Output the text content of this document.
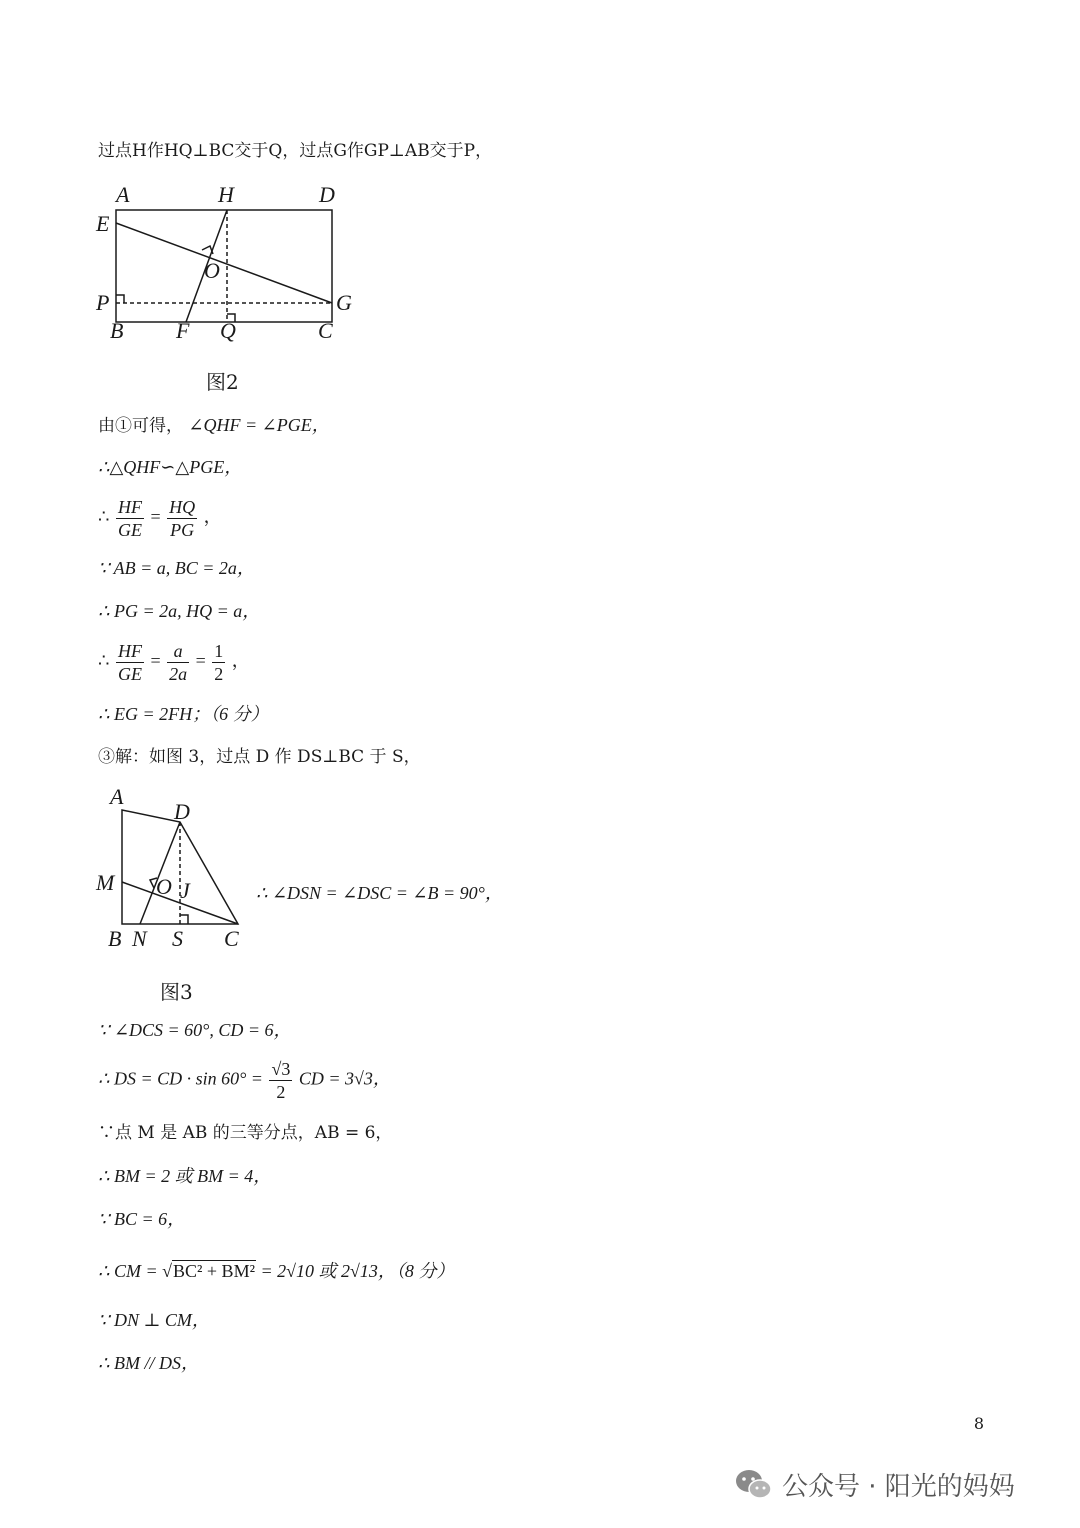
过点H作HQ⊥BC交于Q，过点G作GP⊥AB交于P，
A	H	D
E
O
P	G
B F Q	C
图2
由①可得， ∠QHF = ∠PGE，
∴△QHF∽△PGE，
∴ $\frac{HF}{GE} = \frac{HQ}{PG}$ ，
∵ AB = a, BC = 2a，
∴ PG = 2a, HQ = a，
∴ $\frac{HF}{GE} = \frac{a}{2a} = \frac{1}{2}$ ，
∴ EG = 2FH；（6 分）
③解：如图 3，过点 D 作 DS⊥BC 于 S，
A
D
M O J
B N S C
∴ ∠DSN = ∠DSC = ∠B = 90°，
图3
∵ ∠DCS = 60°, CD = 6，
∴ DS = CD · $\sin 60^\circ = \frac{√3}{2}$ CD = 3√3，
∵点 M 是 AB 的三等分点，AB = 6，
∴ BM = 2 或 BM = 4，
∵ BC = 6，
∴ CM = √BC² + BM² = 2√10 或 2√13，（8 分）
∵ DN ⊥ CM，
∴ BM // DS，
8
公众号 · 阳光的妈妈
